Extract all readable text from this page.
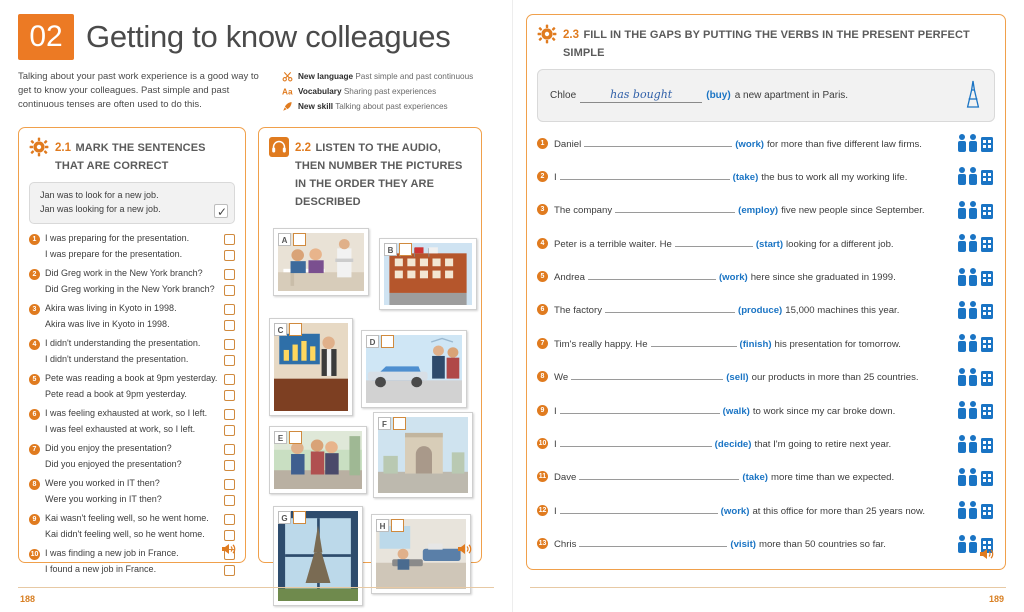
02 Getting to know colleagues
Talking about your past work experience is a good way to get to know your colleagues. Past simple and past continuous tenses are often used to do this.
New language Past simple and past continuous
Aa Vocabulary Sharing past experiences
New skill Talking about past experiences
2.1 MARK THE SENTENCES THAT ARE CORRECT
Jan was to look for a new job.
Jan was looking for a new job.
✓
1 I was preparing for the presentation.
I was prepare for the presentation.
2 Did Greg work in the New York branch?
Did Greg working in the New York branch?
3 Akira was living in Kyoto in 1998.
Akira was live in Kyoto in 1998.
4 I didn't understanding the presentation.
I didn't understand the presentation.
5 Pete was reading a book at 9pm yesterday.
Pete read a book at 9pm yesterday.
6 I was feeling exhausted at work, so I left.
I was feel exhausted at work, so I left.
7 Did you enjoy the presentation?
Did you enjoyed the presentation?
8 Were you worked in IT then?
Were you working in IT then?
9 Kai wasn't feeling well, so he went home.
Kai didn't feeling well, so he went home.
10 I was finding a new job in France.
I found a new job in France.
2.2 LISTEN TO THE AUDIO, THEN NUMBER THE PICTURES IN THE ORDER THEY ARE DESCRIBED
A
B
C
D
E
F
G
H
188
2.3 FILL IN THE GAPS BY PUTTING THE VERBS IN THE PRESENT PERFECT SIMPLE
Chloe	has bought	(buy) a new apartment in Paris.
1 Daniel	(work) for more than five different law firms.
2 I	(take) the bus to work all my working life.
3 The company	(employ) five new people since September.
4 Peter is a terrible waiter. He	(start) looking for a different job.
5 Andrea	(work) here since she graduated in 1999.
6 The factory	(produce) 15,000 machines this year.
7 Tim's really happy. He	(finish) his presentation for tomorrow.
8 We	(sell) our products in more than 25 countries.
9 I	(walk) to work since my car broke down.
10 I	(decide) that I'm going to retire next year.
11 Dave	(take) more time than we expected.
12 I	(work) at this office for more than 25 years now.
13 Chris	(visit) more than 50 countries so far.
189
